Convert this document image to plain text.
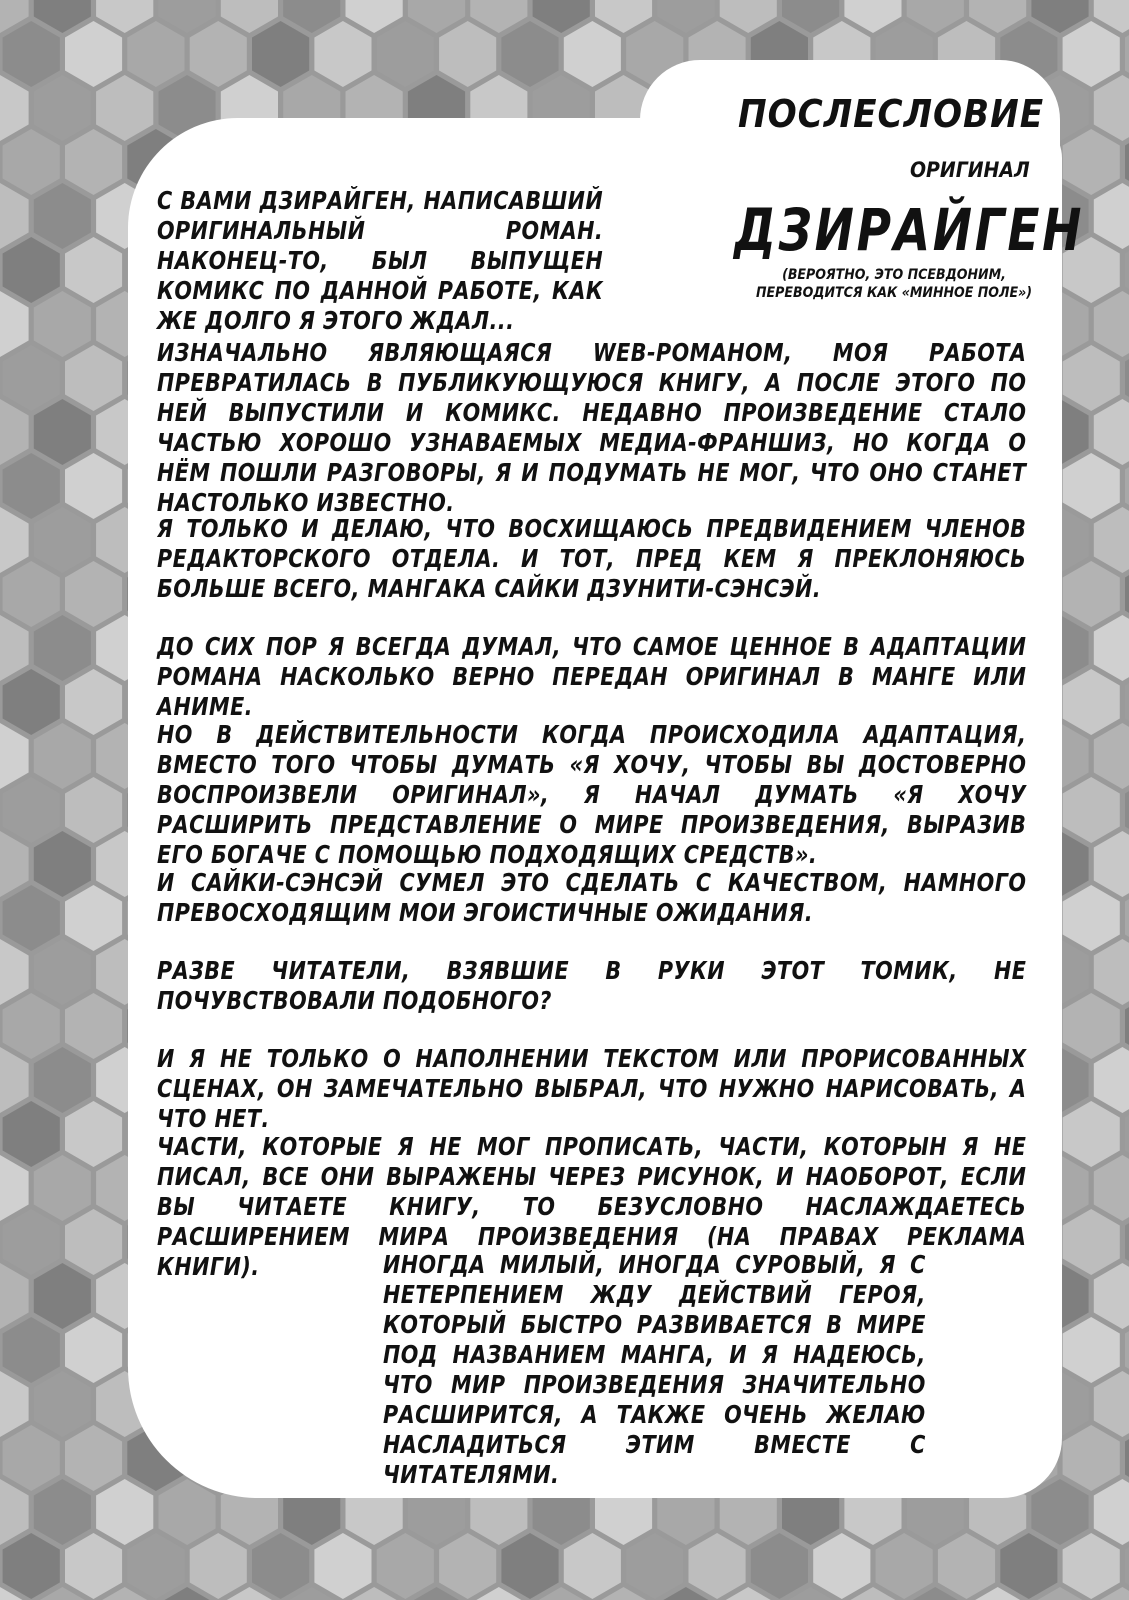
ПОСЛЕСЛОВИЕ
ОРИГИНАЛ
ДЗИРАЙГЕН
(ВЕРОЯТНО, ЭТО ПСЕВДОНИМ, ПЕРЕВОДИТСЯ КАК «МИННОЕ ПОЛЕ»)
С ВАМИ ДЗИРАЙГЕН, НАПИСАВШИЙ ОРИГИНАЛЬНЫЙ РОМАН. НАКОНЕЦ-ТО, БЫЛ ВЫПУЩЕН КОМИКС ПО ДАННОЙ РАБОТЕ, КАК ЖЕ ДОЛГО Я ЭТОГО ЖДАЛ...
ИЗНАЧАЛЬНО ЯВЛЯЮЩАЯСЯ WEB-РОМАНОМ, МОЯ РАБОТА ПРЕВРАТИЛАСЬ В ПУБЛИКУЮЩУЮСЯ КНИГУ, А ПОСЛЕ ЭТОГО ПО НЕЙ ВЫПУСТИЛИ И КОМИКС. НЕДАВНО ПРОИЗВЕДЕНИЕ СТАЛО ЧАСТЬЮ ХОРОШО УЗНАВАЕМЫХ МЕДИА-ФРАНШИЗ, НО КОГДА О НЁМ ПОШЛИ РАЗГОВОРЫ, Я И ПОДУМАТЬ НЕ МОГ, ЧТО ОНО СТАНЕТ НАСТОЛЬКО ИЗВЕСТНО.
Я ТОЛЬКО И ДЕЛАЮ, ЧТО ВОСХИЩАЮСЬ ПРЕДВИДЕНИЕМ ЧЛЕНОВ РЕДАКТОРСКОГО ОТДЕЛА. И ТОТ, ПРЕД КЕМ Я ПРЕКЛОНЯЮСЬ БОЛЬШЕ ВСЕГО, МАНГАКА САЙКИ ДЗУНИТИ-СЭНСЭЙ.
ДО СИХ ПОР Я ВСЕГДА ДУМАЛ, ЧТО САМОЕ ЦЕННОЕ В АДАПТАЦИИ РОМАНА НАСКОЛЬКО ВЕРНО ПЕРЕДАН ОРИГИНАЛ В МАНГЕ ИЛИ АНИМЕ.
НО В ДЕЙСТВИТЕЛЬНОСТИ КОГДА ПРОИСХОДИЛА АДАПТАЦИЯ, ВМЕСТО ТОГО ЧТОБЫ ДУМАТЬ «Я ХОЧУ, ЧТОБЫ ВЫ ДОСТОВЕРНО ВОСПРОИЗВЕЛИ ОРИГИНАЛ», Я НАЧАЛ ДУМАТЬ «Я ХОЧУ РАСШИРИТЬ ПРЕДСТАВЛЕНИЕ О МИРЕ ПРОИЗВЕДЕНИЯ, ВЫРАЗИВ ЕГО БОГАЧЕ С ПОМОЩЬЮ ПОДХОДЯЩИХ СРЕДСТВ».
И САЙКИ-СЭНСЭЙ СУМЕЛ ЭТО СДЕЛАТЬ С КАЧЕСТВОМ, НАМНОГО ПРЕВОСХОДЯЩИМ МОИ ЭГОИСТИЧНЫЕ ОЖИДАНИЯ.
РАЗВЕ ЧИТАТЕЛИ, ВЗЯВШИЕ В РУКИ ЭТОТ ТОМИК, НЕ ПОЧУВСТВОВАЛИ ПОДОБНОГО?
И Я НЕ ТОЛЬКО О НАПОЛНЕНИИ ТЕКСТОМ ИЛИ ПРОРИСОВАННЫХ СЦЕНАХ, ОН ЗАМЕЧАТЕЛЬНО ВЫБРАЛ, ЧТО НУЖНО НАРИСОВАТЬ, А ЧТО НЕТ.
ЧАСТИ, КОТОРЫЕ Я НЕ МОГ ПРОПИСАТЬ, ЧАСТИ, КОТОРЫН Я НЕ ПИСАЛ, ВСЕ ОНИ ВЫРАЖЕНЫ ЧЕРЕЗ РИСУНОК, И НАОБОРОТ, ЕСЛИ ВЫ ЧИТАЕТЕ КНИГУ, ТО БЕЗУСЛОВНО НАСЛАЖДАЕТЕСЬ РАСШИРЕНИЕМ МИРА ПРОИЗВЕДЕНИЯ (НА ПРАВАХ РЕКЛАМА КНИГИ).	ИНОГДА МИЛЫЙ, ИНОГДА СУРОВЫЙ, Я С НЕТЕРПЕНИЕМ ЖДУ ДЕЙСТВИЙ ГЕРОЯ, КОТОРЫЙ БЫСТРО РАЗВИВАЕТСЯ В МИРЕ ПОД НАЗВАНИЕМ МАНГА, И Я НАДЕЮСЬ, ЧТО МИР ПРОИЗВЕДЕНИЯ ЗНАЧИТЕЛЬНО РАСШИРИТСЯ, А ТАКЖЕ ОЧЕНЬ ЖЕЛАЮ НАСЛАДИТЬСЯ ЭТИМ ВМЕСТЕ С ЧИТАТЕЛЯМИ.
